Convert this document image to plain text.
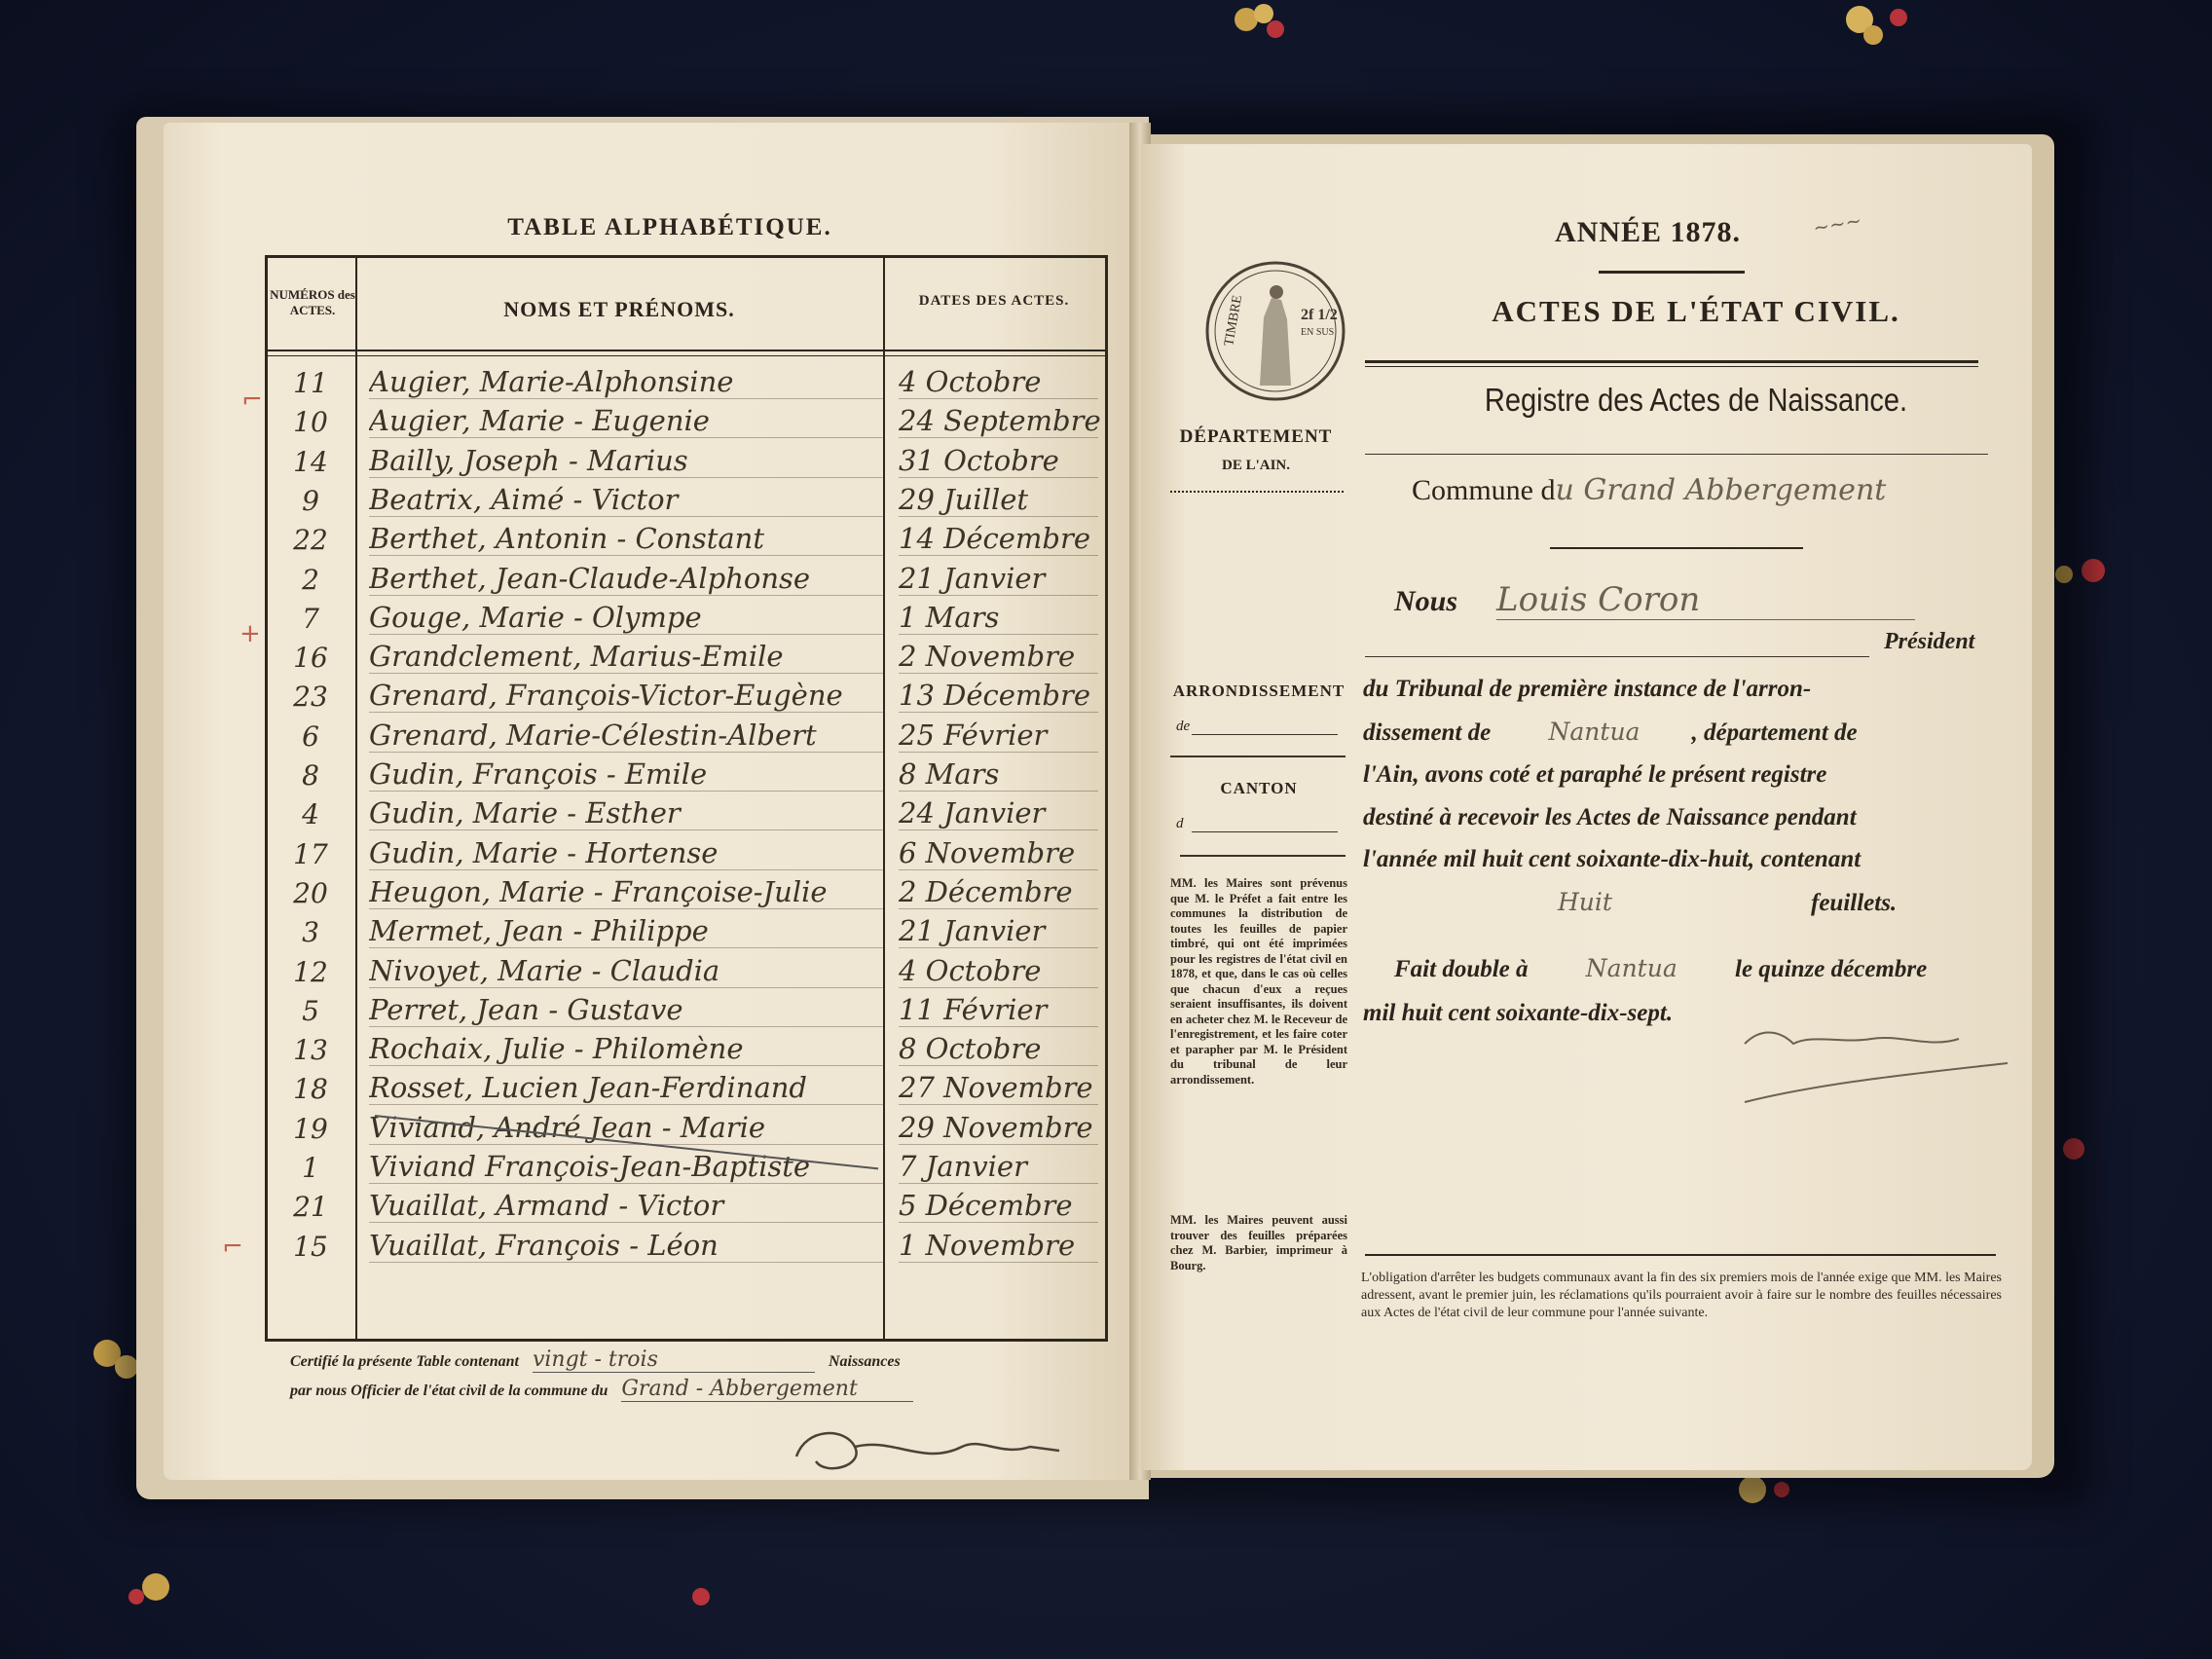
TABLE ALPHABÉTIQUE.
NUMÉROS des ACTES.	NOMS ET PRÉNOMS.	DATES DES ACTES.
11	Augier, Marie-Alphonsine	4 Octobre
10	Augier, Marie - Eugenie	24 Septembre
14	Bailly, Joseph - Marius	31 Octobre
9	Beatrix, Aimé - Victor	29 Juillet
22	Berthet, Antonin - Constant	14 Décembre
2	Berthet, Jean-Claude-Alphonse	21 Janvier
7	Gouge, Marie - Olympe	1 Mars
16	Grandclement, Marius-Emile	2 Novembre
23	Grenard, François-Victor-Eugène	13 Décembre
6	Grenard, Marie-Célestin-Albert	25 Février
8	Gudin, François - Emile	8 Mars
4	Gudin, Marie - Esther	24 Janvier
17	Gudin, Marie - Hortense	6 Novembre
20	Heugon, Marie - Françoise-Julie	2 Décembre
3	Mermet, Jean - Philippe	21 Janvier
12	Nivoyet, Marie - Claudia	4 Octobre
5	Perret, Jean - Gustave	11 Février
13	Rochaix, Julie - Philomène	8 Octobre
18	Rosset, Lucien Jean-Ferdinand	27 Novembre
19	Viviand, André Jean - Marie	29 Novembre
1	Viviand François-Jean-Baptiste	7 Janvier
21	Vuaillat, Armand - Victor	5 Décembre
15	Vuaillat, François - Léon	1 Novembre
Certifié la présente Table contenant vingt - trois	Naissances
par nous Officier de l'état civil de la commune du Grand - Abbergement
⌐
+
⌐
ANNÉE 1878.	~~~
TIMBRE	2f 1/2
EN SUS
ACTES DE L'ÉTAT CIVIL.
Registre des Actes de Naissance.
DÉPARTEMENT
DE L'AIN.
Commune du Grand Abbergement
Nous Louis Coron
Président
du Tribunal de première instance de l'arron-
dissement de Nantua , département de
l'Ain, avons coté et paraphé le présent registre
destiné à recevoir les Actes de Naissance pendant
l'année mil huit cent soixante-dix-huit, contenant
Huit	feuillets.
Fait double à Nantua le quinze décembre
mil huit cent soixante-dix-sept.
ARRONDISSEMENT
de
CANTON
d
MM. les Maires sont prévenus que M. le Préfet a fait entre les communes la distribution de toutes les feuilles de papier timbré, qui ont été imprimées pour les registres de l'état civil en 1878, et que, dans le cas où celles que chacun d'eux a reçues seraient insuffisantes, ils doivent en acheter chez M. le Receveur de l'enregistrement, et les faire coter et parapher par M. le Président du tribunal de leur arrondissement.
MM. les Maires peuvent aussi trouver des feuilles préparées chez M. Barbier, imprimeur à Bourg.
L'obligation d'arrêter les budgets communaux avant la fin des six premiers mois de l'année exige que MM. les Maires adressent, avant le premier juin, les réclamations qu'ils pourraient avoir à faire sur le nombre des feuilles nécessaires aux Actes de l'état civil de leur commune pour l'année suivante.
